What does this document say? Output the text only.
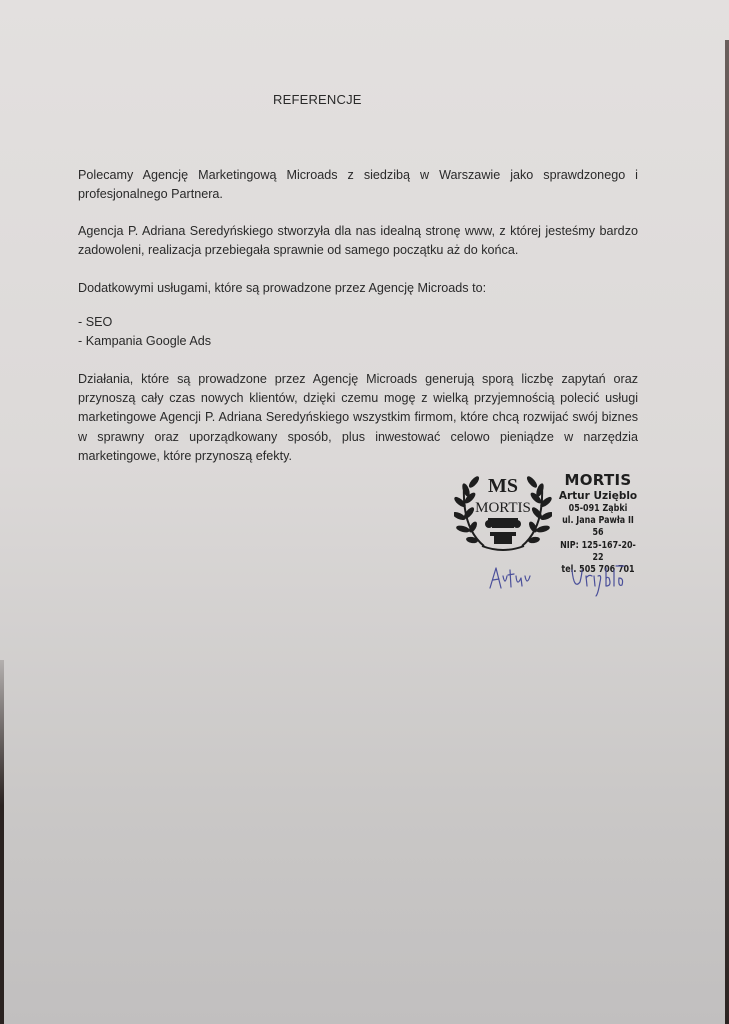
REFERENCJE
Polecamy Agencję Marketingową Microads z siedzibą w Warszawie jako sprawdzonego i profesjonalnego Partnera.
Agencja P. Adriana Seredyńskiego stworzyła dla nas idealną stronę www, z której jesteśmy bardzo zadowoleni, realizacja przebiegała sprawnie od samego początku aż do końca.
Dodatkowymi usługami, które są prowadzone przez Agencję Microads to:
- SEO
- Kampania Google Ads
Działania, które są prowadzone przez Agencję Microads generują sporą liczbę zapytań oraz przynoszą cały czas nowych klientów, dzięki czemu mogę z wielką przyjemnością polecić usługi marketingowe Agencji P. Adriana Seredyńskiego wszystkim firmom, które chcą rozwijać swój biznes w sprawny oraz uporządkowany sposób, plus inwestować celowo pieniądze w narzędzia marketingowe, które przynoszą efekty.
MS
MORTIS
MORTIS
Artur Uzięblo
05-091 Ząbki
ul. Jana Pawła II 56
NIP: 125-167-20-22
tel. 505 706 701
Artur Uzięblo
